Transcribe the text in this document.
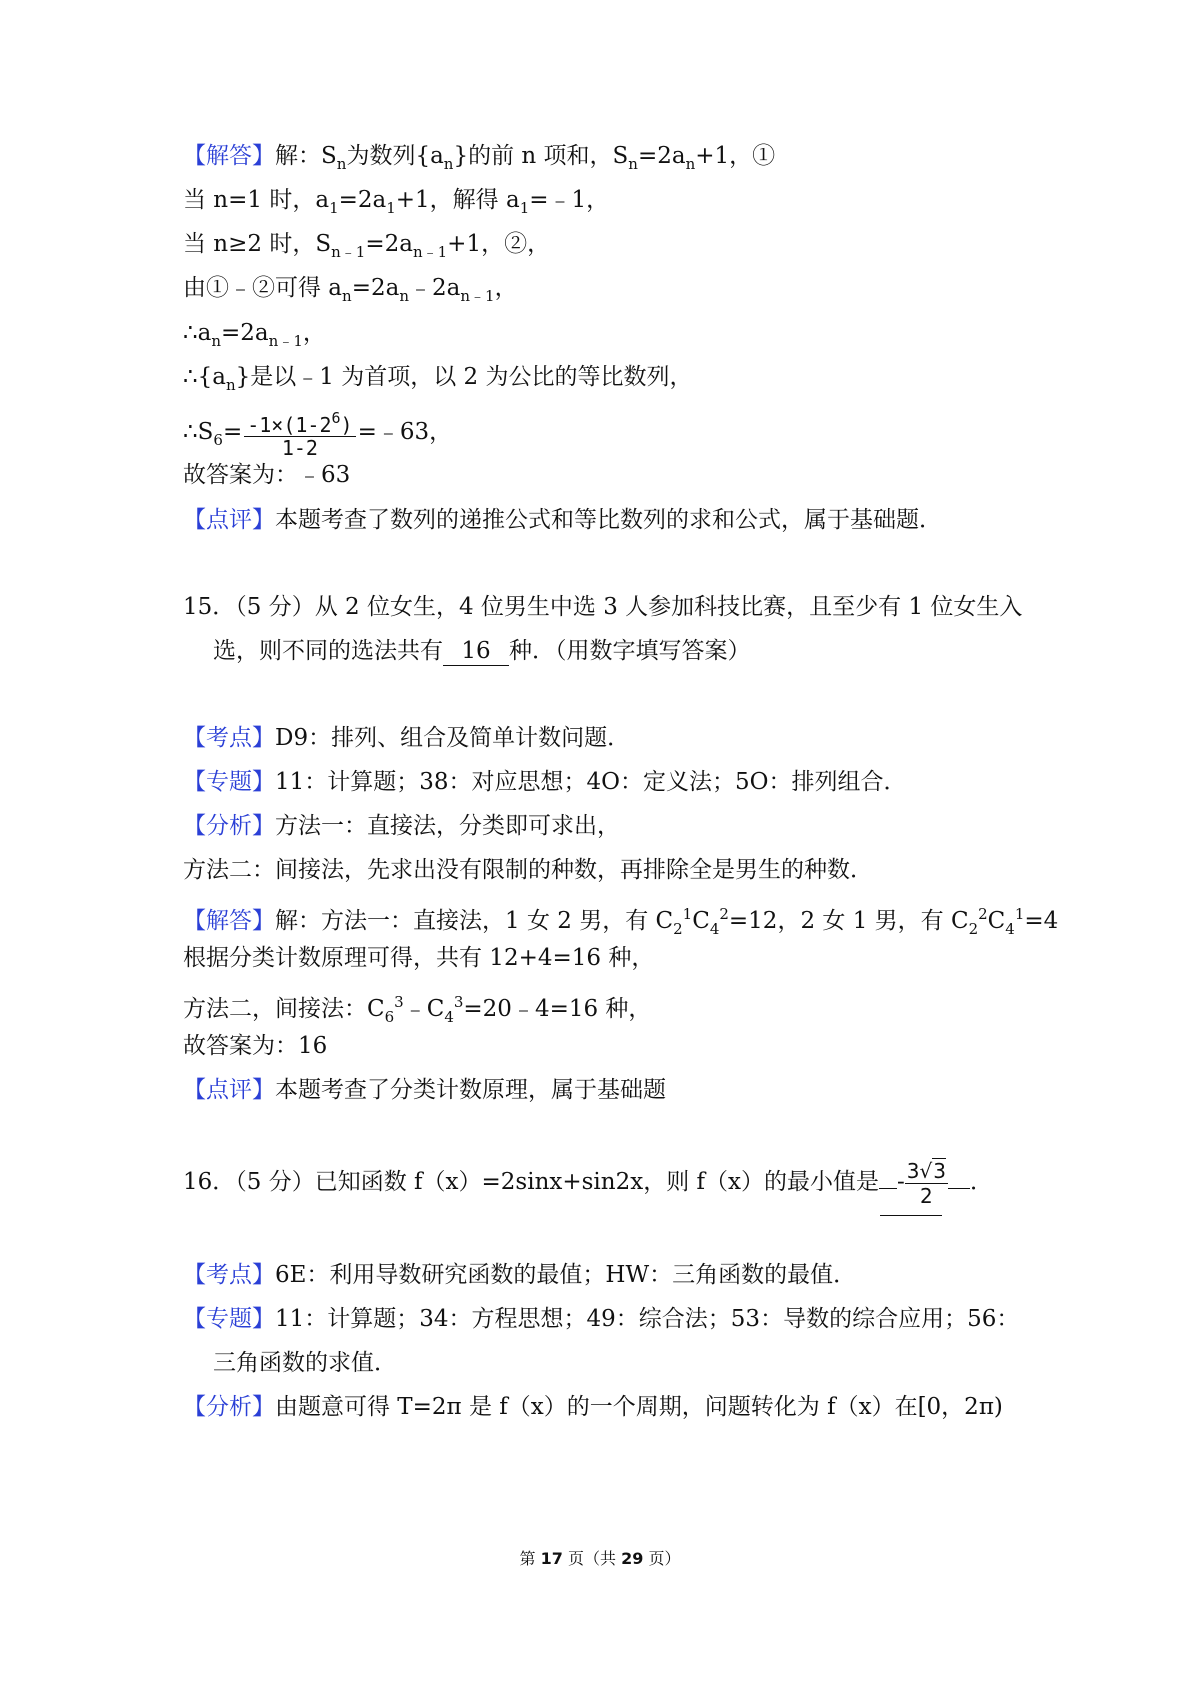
【解答】解：$S_n$为数列$\{a_n\}$的前 n 项和，$S_n=2a_n+1$，①
当 n=1 时，$a_1=2a_1+1$，解得 $a_1=﹣1$，
当 n≥2 时，$S_{n﹣1}=2a_{n﹣1}+1$，②，
由①﹣②可得 $a_n=2a_n﹣2a_{n﹣1}$，
$\therefore a_n=2a_{n﹣1}$，
$\therefore\{a_n\}$是以﹣1 为首项，以 2 为公比的等比数列，
$\therefore S_6= \frac{-1\times(1-2^6)}{1-2}$ =﹣63，
故答案为：﹣63
【点评】本题考查了数列的递推公式和等比数列的求和公式，属于基础题．
15．（5 分）从 2 位女生，4 位男生中选 3 人参加科技比赛，且至少有 1 位女生入
选，则不同的选法共有 16 种．（用数字填写答案）
【考点】D9：排列、组合及简单计数问题．
【专题】11：计算题；38：对应思想；4O：定义法；5O：排列组合．
【分析】方法一：直接法，分类即可求出，
方法二：间接法，先求出没有限制的种数，再排除全是男生的种数．
【解答】解：方法一：直接法，1 女 2 男，有 $C_2^1C_4^2=12$，2 女 1 男，有 $C_2^2C_4^1=4$
根据分类计数原理可得，共有 12+4=16 种，
方法二，间接法：$C_6^3﹣C_4^3=20﹣4=16$ 种，
故答案为：16
【点评】本题考查了分类计数原理，属于基础题
16．（5 分）已知函数 f（x）=2sinx+sin2x，则 f（x）的最小值是 - $\frac{3√3}{2}$ ．
【考点】6E：利用导数研究函数的最值；HW：三角函数的最值．
【专题】11：计算题；34：方程思想；49：综合法；53：导数的综合应用；56：
三角函数的求值．
【分析】由题意可得 T=2π 是 f（x）的一个周期，问题转化为 f（x）在[0，2π)
第 17 页（共 29 页）
